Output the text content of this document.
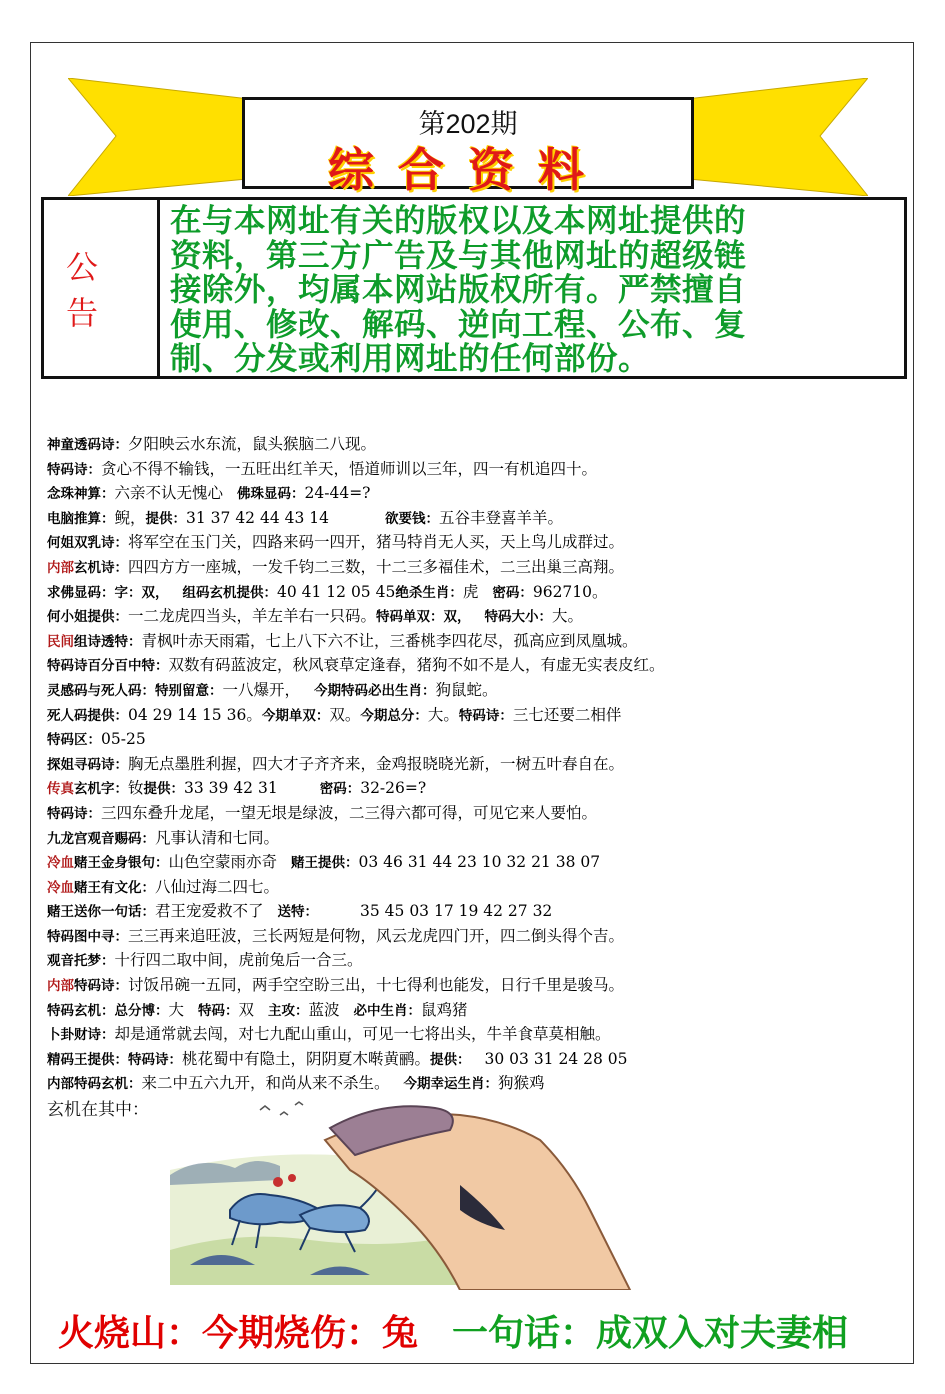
第202期
综合资料
公告
在与本网址有关的版权以及本网址提供的
资料，第三方广告及与其他网址的超级链
接除外，均属本网站版权所有。严禁擅自
使用、修改、解码、逆向工程、公布、复
制、分发或利用网址的任何部份。
神童透码诗：夕阳映云水东流，鼠头猴脑二八现。
特码诗：贪心不得不输钱，一五旺出红羊天，悟道师训以三年，四一有机追四十。
念珠神算：六亲不认无愧心 佛珠显码：24-44=?
电脑推算：鲵，提供：31 37 42 44 43 14	欲要钱：五谷丰登喜羊羊。
何姐双乳诗：将军空在玉门关，四路来码一四开，猪马特肖无人买，天上鸟儿成群过。
内部玄机诗：四四方方一座城，一发千钧二三数，十二三多福佳术，二三出巢三高翔。
求佛显码：字：双， 组码玄机提供：40 41 12 05 45绝杀生肖：虎 密码：962710。
何小姐提供：一二龙虎四当头，羊左羊右一只码。特码单双：双， 特码大小：大。
民间组诗透特：青枫叶赤天雨霜，七上八下六不让，三番桃李四花尽，孤高应到凤凰城。
特码诗百分百中特：双数有码蓝波定，秋风衰草定逢春，猪狗不如不是人，有虚无实表皮红。
灵感码与死人码：特别留意：一八爆开， 今期特码必出生肖：狗鼠蛇。
死人码提供：04 29 14 15 36。今期单双：双。今期总分：大。特码诗：三七还要二相伴
特码区：05-25
探姐寻码诗：胸无点墨胜利握，四大才子齐齐来，金鸡报晓晓光新，一树五叶春自在。
传真玄机字：钕提供：33 39 42 31	密码：32-26=?
特码诗：三四东叠升龙尾，一望无垠是绿波，二三得六都可得，可见它来人要怕。
九龙宫观音赐码：凡事认清和七同。
冷血赌王金身银句：山色空蒙雨亦奇 赌王提供：03 46 31 44 23 10 32 21 38 07
冷血赌王有文化：八仙过海二四七。
赌王送你一句话：君王宠爱救不了 送特：	35 45 03 17 19 42 27 32
特码图中寻：三三再来追旺波，三长两短是何物，风云龙虎四门开，四二倒头得个吉。
观音托梦：十行四二取中间，虎前兔后一合三。
内部特码诗：讨饭吊碗一五同，两手空空盼三出，十七得利也能发，日行千里是骏马。
特码玄机：总分博：大 特码：双 主攻：蓝波 必中生肖：鼠鸡猪
卜卦财诗：却是通常就去闯，对七九配山重山，可见一七将出头，牛羊食草莫相触。
精码王提供：特码诗：桃花蜀中有隐土，阴阴夏木啭黄鹂。提供： 30 03 31 24 28 05
内部特码玄机：来二中五六九开，和尚从来不杀生。 今期幸运生肖：狗猴鸡
玄机在其中：
火烧山：今期烧伤：兔 一句话：成双入对夫妻相
